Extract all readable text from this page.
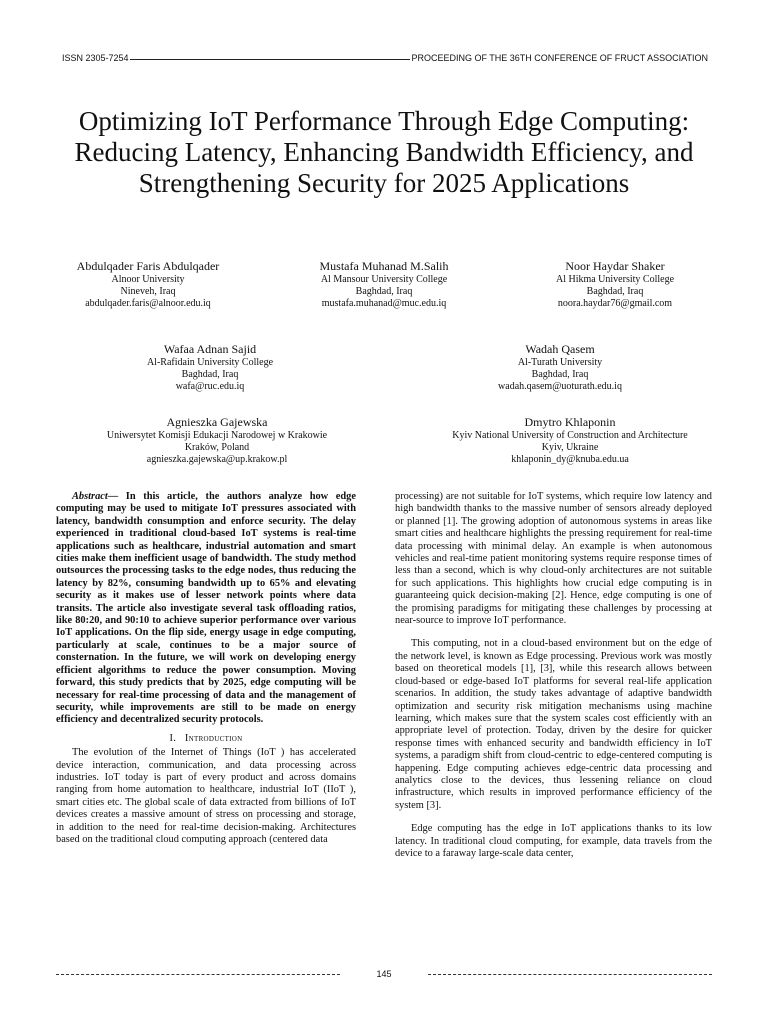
ISSN 2305-7254	PROCEEDING OF THE 36TH CONFERENCE OF FRUCT ASSOCIATION
Optimizing IoT Performance Through Edge Computing: Reducing Latency, Enhancing Bandwidth Efficiency, and Strengthening Security for 2025 Applications
Abdulqader Faris Abdulqader
Alnoor University
Nineveh, Iraq
abdulqader.faris@alnoor.edu.iq
Mustafa Muhanad M.Salih
Al Mansour University College
Baghdad, Iraq
mustafa.muhanad@muc.edu.iq
Noor Haydar Shaker
Al Hikma University College
Baghdad, Iraq
noora.haydar76@gmail.com
Wafaa Adnan Sajid
Al-Rafidain University College
Baghdad, Iraq
wafa@ruc.edu.iq
Wadah Qasem
Al-Turath University
Baghdad, Iraq
wadah.qasem@uoturath.edu.iq
Agnieszka Gajewska
Uniwersytet Komisji Edukacji Narodowej w Krakowie
Kraków, Poland
agnieszka.gajewska@up.krakow.pl
Dmytro Khlaponin
Kyiv National University of Construction and Architecture
Kyiv, Ukraine
khlaponin_dy@knuba.edu.ua

Abstract— In this article, the authors analyze how edge computing may be used to mitigate IoT pressures associated with latency, bandwidth consumption and enforce security. The delay experienced in traditional cloud-based IoT systems is real-time applications such as healthcare, industrial automation and smart cities make them inefficient usage of bandwidth. The study method outsources the processing tasks to the edge nodes, thus reducing the latency by 82%, consuming bandwidth up to 65% and elevating security as it makes use of lesser network points where data transits. The article also investigate several task offloading ratios, like 80:20, and 90:10 to achieve superior performance over various IoT applications. On the flip side, energy usage in edge computing, particularly at scale, continues to be a major source of consternation. In the future, we will work on developing energy efficient algorithms to reduce the power consumption. Moving forward, this study predicts that by 2025, edge computing will be necessary for real-time processing of data and the management of security, while improvements are still to be made on energy efficiency and decentralized security protocols.

I. Introduction

The evolution of the Internet of Things (IoT ) has accelerated device interaction, communication, and data processing across industries. IoT today is part of every product and across domains ranging from home automation to healthcare, industrial IoT (IIoT ), smart cities etc. The global scale of data extracted from billions of IoT devices creates a massive amount of stress on processing and storage, in addition to the need for real-time decision-making. Architectures based on the traditional cloud computing approach (centered data

processing) are not suitable for IoT systems, which require low latency and high bandwidth thanks to the massive number of sensors already deployed or planned [1]. The growing adoption of autonomous systems in areas like smart cities and healthcare highlights the pressing requirement for real-time data processing with minimal delay. An example is when autonomous vehicles and real-time patient monitoring systems require response times of less than a second, which is why cloud-only architectures are not suitable for such applications. This highlights how crucial edge computing is in guaranteeing quick decision-making [2]. Hence, edge computing is one of the promising paradigms for mitigating these challenges by processing at near-source to improve IoT performance.

This computing, not in a cloud-based environment but on the edge of the network level, is known as Edge processing. Previous work was mostly based on theoretical models [1], [3], while this research allows between cloud-based or edge-based IoT platforms for several real-life application scenarios. In addition, the study takes advantage of adaptive bandwidth optimization and security risk mitigation mechanisms using machine learning, which makes sure that the system scales cost efficiently with an appropriate level of protection. Today, driven by the desire for quicker response times with enhanced security and bandwidth efficiency in IoT systems, a paradigm shift from cloud-centric to edge-centered computing is happening. Edge computing achieves edge-centric data processing and analytics close to the devices, thus lessening reliance on cloud infrastructure, which results in improved performance efficiency of the system [3].

Edge computing has the edge in IoT applications thanks to its low latency. In traditional cloud computing, for example, data travels from the device to a faraway large-scale data center,

145
